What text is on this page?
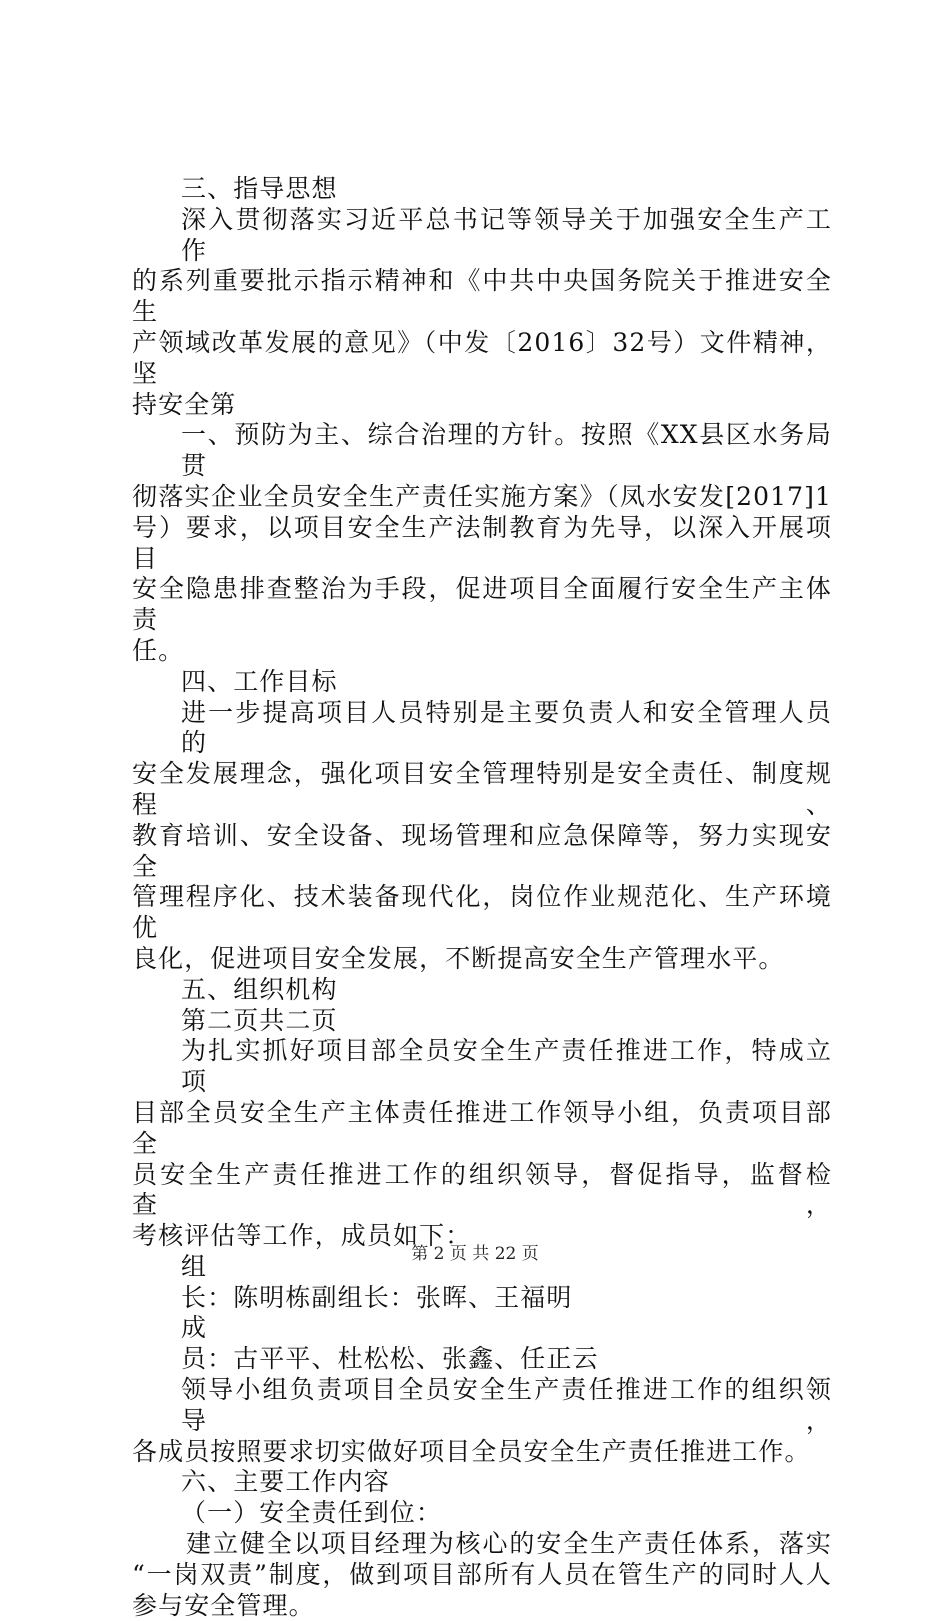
三、指导思想
深入贯彻落实习近平总书记等领导关于加强安全生产工作
的系列重要批示指示精神和《中共中央国务院关于推进安全生
产领域改革发展的意见》（中发〔2016〕32号）文件精神，坚
持安全第
一、预防为主、综合治理的方针。按照《XX县区水务局贯
彻落实企业全员安全生产责任实施方案》（凤水安发[2017]1
号）要求，以项目安全生产法制教育为先导，以深入开展项目
安全隐患排查整治为手段，促进项目全面履行安全生产主体责
任。
四、工作目标
进一步提高项目人员特别是主要负责人和安全管理人员的
安全发展理念，强化项目安全管理特别是安全责任、制度规程、
教育培训、安全设备、现场管理和应急保障等，努力实现安全
管理程序化、技术装备现代化，岗位作业规范化、生产环境优
良化，促进项目安全发展，不断提高安全生产管理水平。
五、组织机构
第二页共二页
为扎实抓好项目部全员安全生产责任推进工作，特成立项
目部全员安全生产主体责任推进工作领导小组，负责项目部全
员安全生产责任推进工作的组织领导，督促指导，监督检查，
考核评估等工作，成员如下：
组
长：陈明栋副组长：张晖、王福明
成
员：古平平、杜松松、张鑫、任正云
领导小组负责项目全员安全生产责任推进工作的组织领导，
各成员按照要求切实做好项目全员安全生产责任推进工作。
六、主要工作内容
（一）安全责任到位：
建立健全以项目经理为核心的安全生产责任体系，落实
“一岗双责”制度，做到项目部所有人员在管生产的同时人人
参与安全管理。
第 2 页 共 22 页
